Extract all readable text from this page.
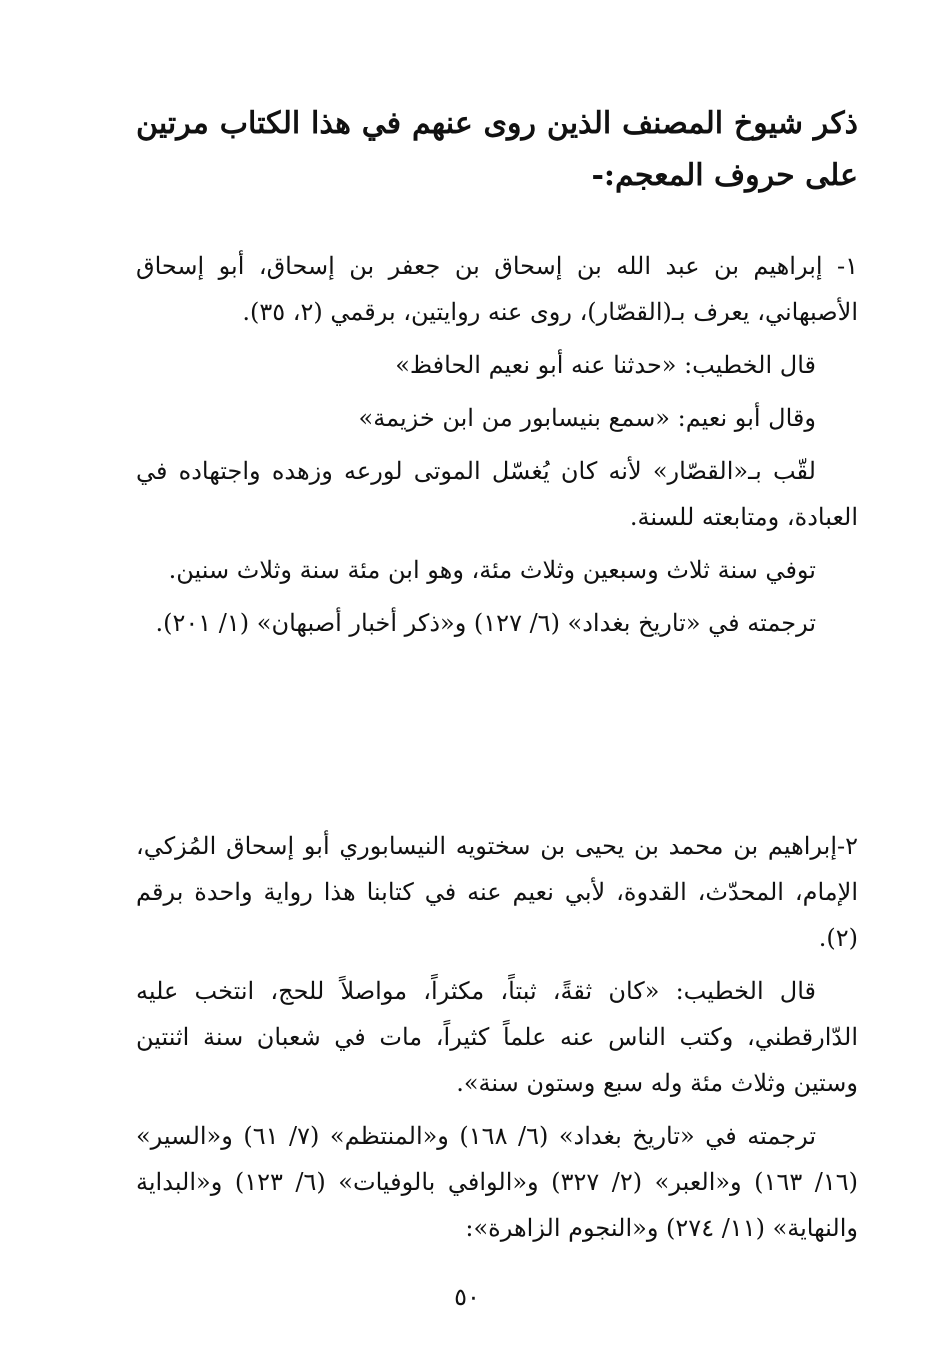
ذكر شيوخ المصنف الذين روى عنهم في هذا الكتاب مرتين على حروف المعجم:-

١- إبراهيم بن عبد الله بن إسحاق بن جعفر بن إسحاق، أبو إسحاق الأصبهاني، يعرف بـ(القصّار)، روى عنه روايتين، برقمي (٢، ٣٥).

قال الخطيب: «حدثنا عنه أبو نعيم الحافظ»

وقال أبو نعيم: «سمع بنيسابور من ابن خزيمة»

لقّب بـ«القصّار» لأنه كان يُغسّل الموتى لورعه وزهده واجتهاده في العبادة، ومتابعته للسنة.

توفي سنة ثلاث وسبعين وثلاث مئة، وهو ابن مئة سنة وثلاث سنين.

ترجمته في «تاريخ بغداد» (٦/ ١٢٧) و«ذكر أخبار أصبهان» (١/ ٢٠١).

٢-إبراهيم بن محمد بن يحيى بن سختويه النيسابوري أبو إسحاق المُزكي، الإمام، المحدّث، القدوة، لأبي نعيم عنه في كتابنا هذا رواية واحدة برقم (٢).

قال الخطيب: «كان ثقةً، ثبتاً، مكثراً، مواصلاً للحج، انتخب عليه الدّارقطني، وكتب الناس عنه علماً كثيراً، مات في شعبان سنة اثنتين وستين وثلاث مئة وله سبع وستون سنة».

ترجمته في «تاريخ بغداد» (٦/ ١٦٨) و«المنتظم» (٧/ ٦١) و«السير» (١٦/ ١٦٣) و«العبر» (٢/ ٣٢٧) و«الوافي بالوفيات» (٦/ ١٢٣) و«البداية والنهاية» (١١/ ٢٧٤) و«النجوم الزاهرة»:

٥٠
